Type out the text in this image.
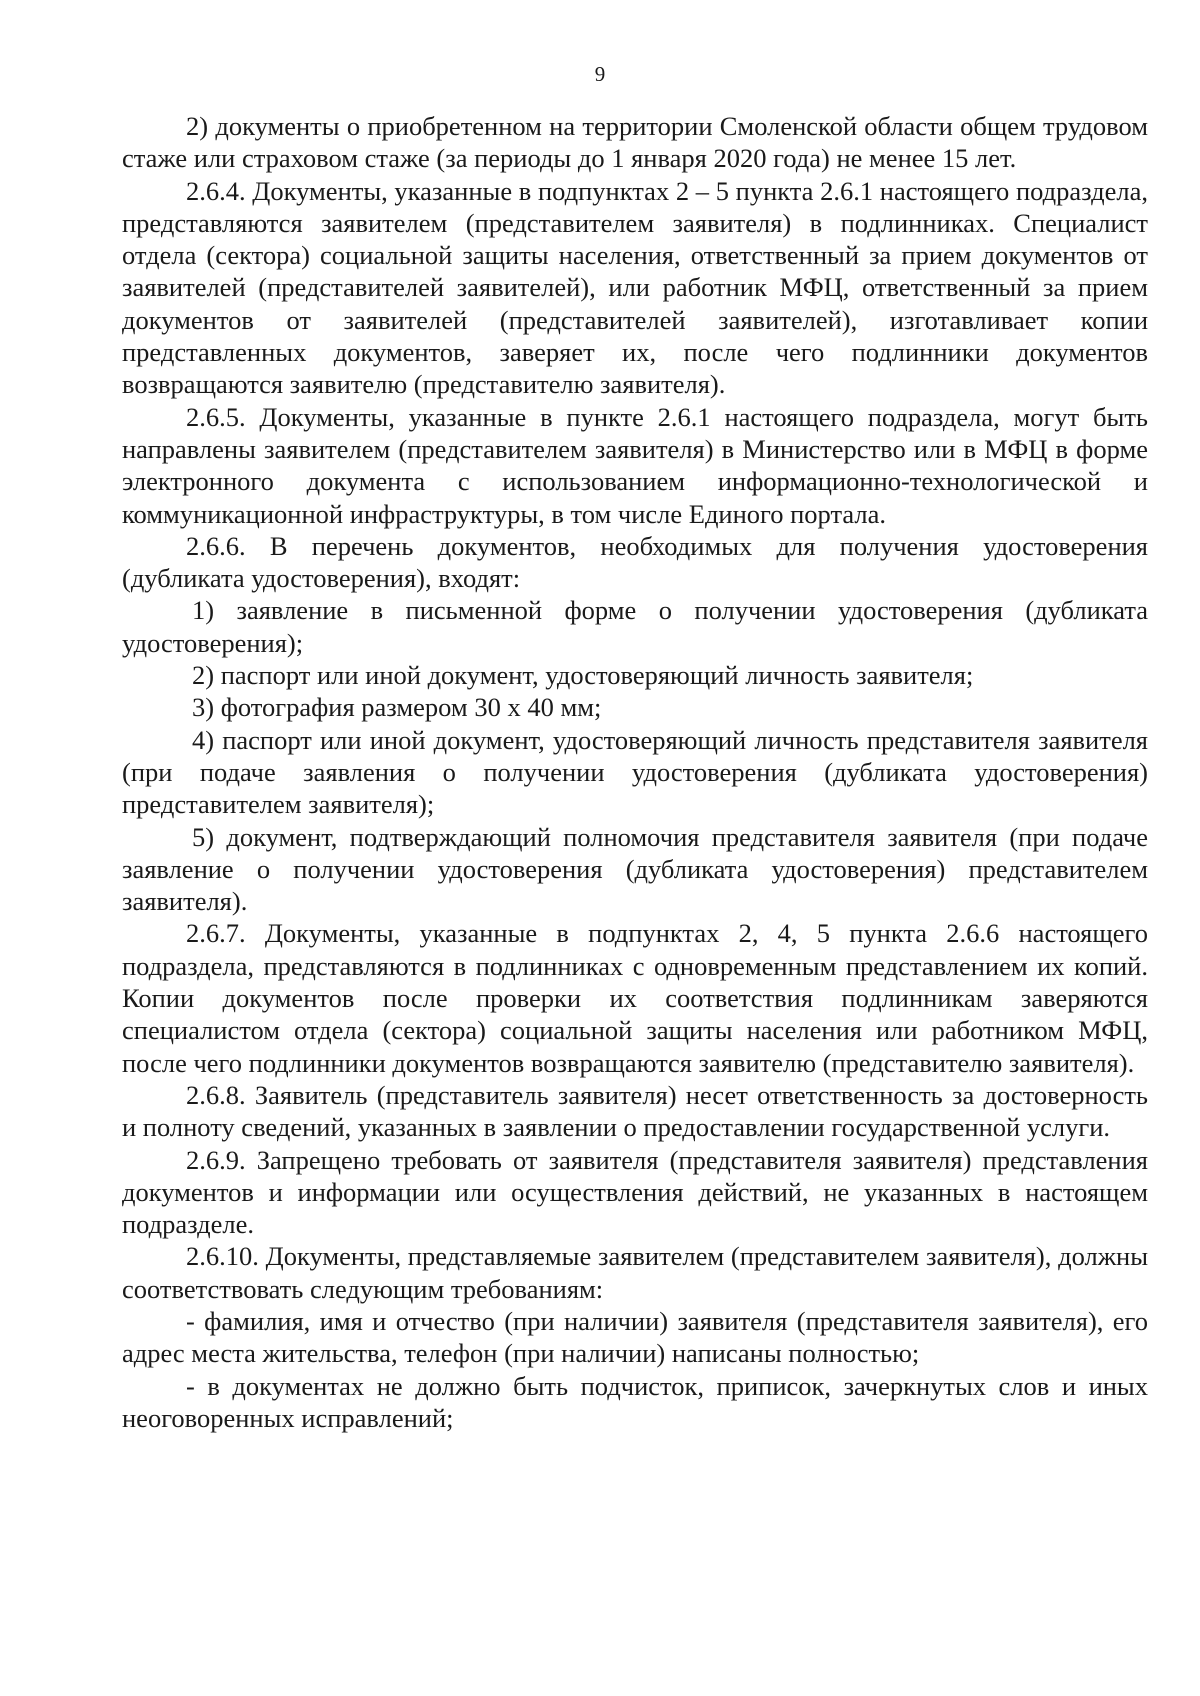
9

2) документы о приобретенном на территории Смоленской области общем трудовом стаже или страховом стаже (за периоды до 1 января 2020 года) не менее 15 лет.

2.6.4. Документы, указанные в подпунктах 2 – 5 пункта 2.6.1 настоящего подраздела, представляются заявителем (представителем заявителя) в подлинниках. Специалист отдела (сектора) социальной защиты населения, ответственный за прием документов от заявителей (представителей заявителей), или работник МФЦ, ответственный за прием документов от заявителей (представителей заявителей), изготавливает копии представленных документов, заверяет их, после чего подлинники документов возвращаются заявителю (представителю заявителя).

2.6.5. Документы, указанные в пункте 2.6.1 настоящего подраздела, могут быть направлены заявителем (представителем заявителя) в Министерство или в МФЦ в форме электронного документа с использованием информационно-технологической и коммуникационной инфраструктуры, в том числе Единого портала.

2.6.6. В перечень документов, необходимых для получения удостоверения (дубликата удостоверения), входят:

1) заявление в письменной форме о получении удостоверения (дубликата удостоверения);

2) паспорт или иной документ, удостоверяющий личность заявителя;

3) фотография размером 30 х 40 мм;

4) паспорт или иной документ, удостоверяющий личность представителя заявителя (при подаче заявления о получении удостоверения (дубликата удостоверения) представителем заявителя);

5) документ, подтверждающий полномочия представителя заявителя (при подаче заявление о получении удостоверения (дубликата удостоверения) представителем заявителя).

2.6.7. Документы, указанные в подпунктах 2, 4, 5 пункта 2.6.6 настоящего подраздела, представляются в подлинниках с одновременным представлением их копий. Копии документов после проверки их соответствия подлинникам заверяются специалистом отдела (сектора) социальной защиты населения или работником МФЦ, после чего подлинники документов возвращаются заявителю (представителю заявителя).

2.6.8. Заявитель (представитель заявителя) несет ответственность за достоверность и полноту сведений, указанных в заявлении о предоставлении государственной услуги.

2.6.9. Запрещено требовать от заявителя (представителя заявителя) представления документов и информации или осуществления действий, не указанных в настоящем подразделе.

2.6.10. Документы, представляемые заявителем (представителем заявителя), должны соответствовать следующим требованиям:

- фамилия, имя и отчество (при наличии) заявителя (представителя заявителя), его адрес места жительства, телефон (при наличии) написаны полностью;

- в документах не должно быть подчисток, приписок, зачеркнутых слов и иных неоговоренных исправлений;
